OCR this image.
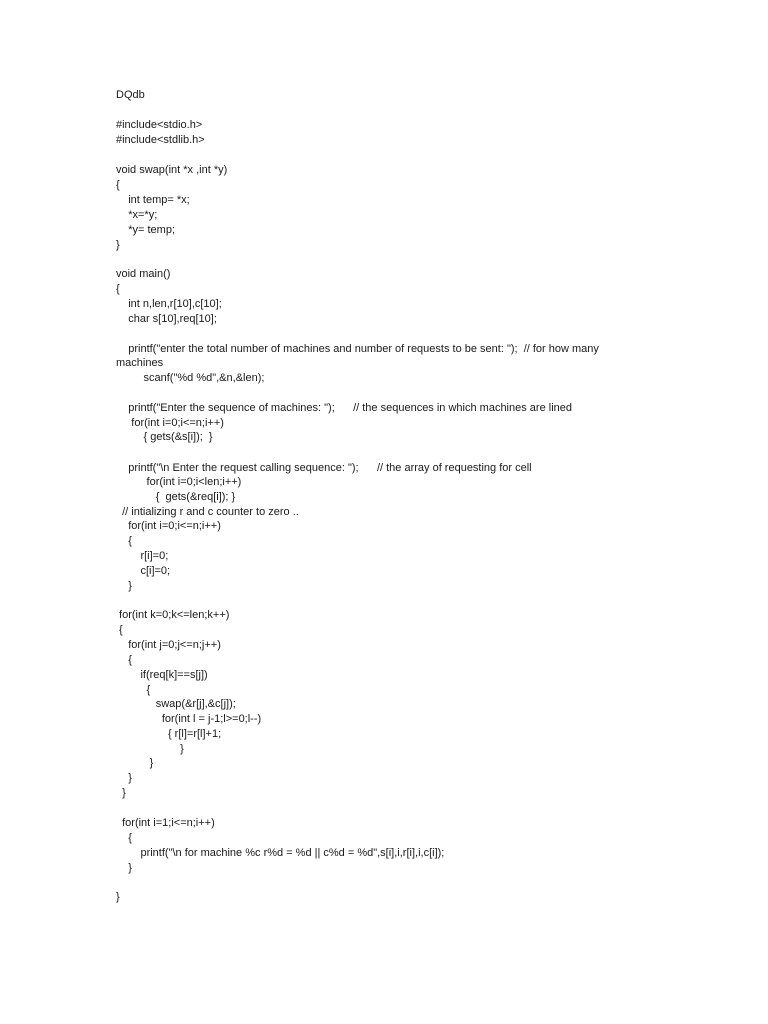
DQdb
#include<stdio.h>
#include<stdlib.h>
void swap(int *x ,int *y)
{
int temp= *x;
*x=*y;
*y= temp;
}
void main()
{
int n,len,r[10],c[10];
char s[10],req[10];
printf("enter the total number of machines and number of requests to be sent: ");  // for how many
machines
scanf("%d %d",&n,&len);
printf("Enter the sequence of machines: ");      // the sequences in which machines are lined
for(int i=0;i<=n;i++)
{ gets(&s[i]);  }
printf("\n Enter the request calling sequence: ");      // the array of requesting for cell
for(int i=0;i<len;i++)
{  gets(&req[i]); }
// intializing r and c counter to zero ..
for(int i=0;i<=n;i++)
{
r[i]=0;
c[i]=0;
}
for(int k=0;k<=len;k++)
{
for(int j=0;j<=n;j++)
{
if(req[k]==s[j])
{
swap(&r[j],&c[j]);
for(int l = j-1;l>=0;l--)
{ r[l]=r[l]+1;
}
}
}
}
for(int i=1;i<=n;i++)
{
printf("\n for machine %c r%d = %d || c%d = %d",s[i],i,r[i],i,c[i]);
}
}
